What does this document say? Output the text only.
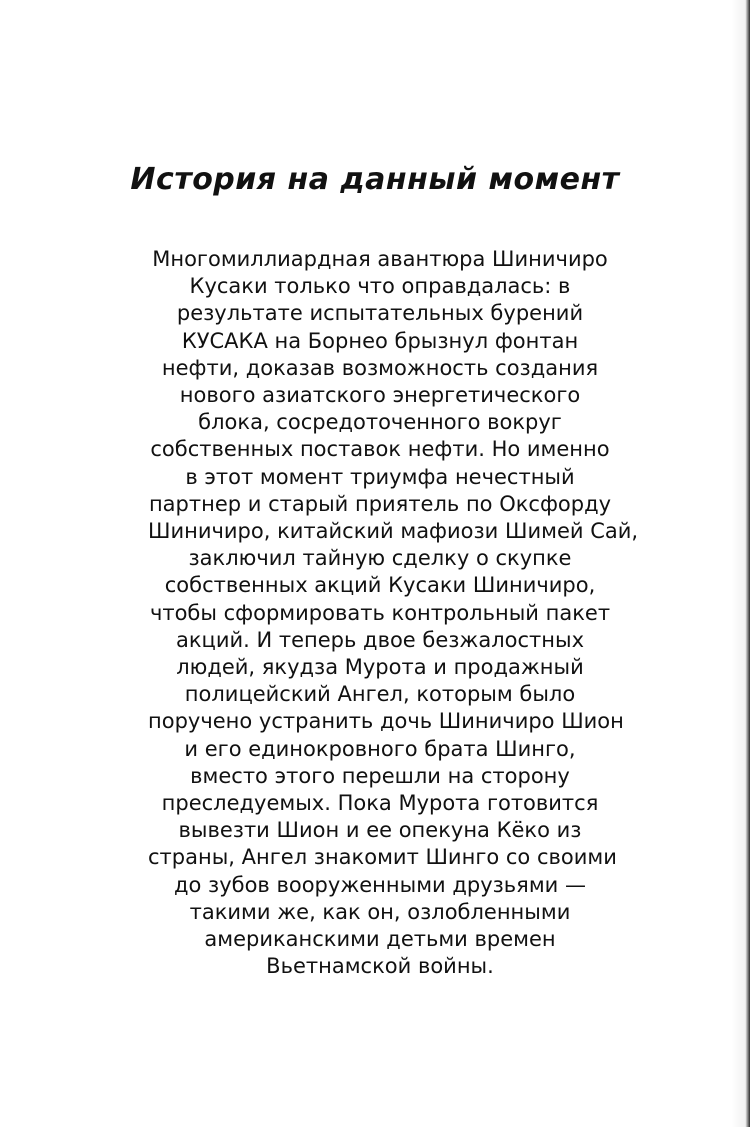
История на данный момент
Многомиллиардная авантюра Шиничиро
Кусаки только что оправдалась: в
результате испытательных бурений
КУСАКА на Борнео брызнул фонтан
нефти, доказав возможность создания
нового азиатского энергетического
блока, сосредоточенного вокруг
собственных поставок нефти. Но именно
в этот момент триумфа нечестный
партнер и старый приятель по Оксфорду
Шиничиро, китайский мафиози Шимей Сай,
заключил тайную сделку о скупке
собственных акций Кусаки Шиничиро,
чтобы сформировать контрольный пакет
акций. И теперь двое безжалостных
людей, якудза Мурота и продажный
полицейский Ангел, которым было
поручено устранить дочь Шиничиро Шион
и его единокровного брата Шинго,
вместо этого перешли на сторону
преследуемых. Пока Мурота готовится
вывезти Шион и ее опекуна Кёко из
страны, Ангел знакомит Шинго со своими
до зубов вооруженными друзьями —
такими же, как он, озлобленными
американскими детьми времен
Вьетнамской войны.
